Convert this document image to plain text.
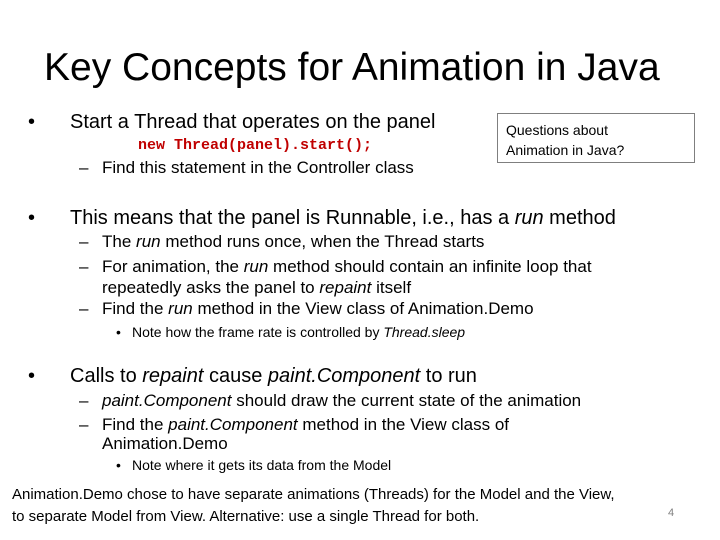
Key Concepts for Animation in Java
• Start a Thread that operates on the panel
new Thread(panel).start();
– Find this statement in the Controller class
Questions about
Animation in Java?
• This means that the panel is Runnable, i.e., has a run method
– The run method runs once, when the Thread starts
– For animation, the run method should contain an infinite loop that
repeatedly asks the panel to repaint itself
– Find the run method in the View class of Animation.Demo
• Note how the frame rate is controlled by Thread.sleep
• Calls to repaint cause paint.Component to run
– paint.Component should draw the current state of the animation
– Find the paint.Component method in the View class of
Animation.Demo
• Note where it gets its data from the Model
Animation.Demo chose to have separate animations (Threads) for the Model and the View,
to separate Model from View. Alternative: use a single Thread for both.	4
